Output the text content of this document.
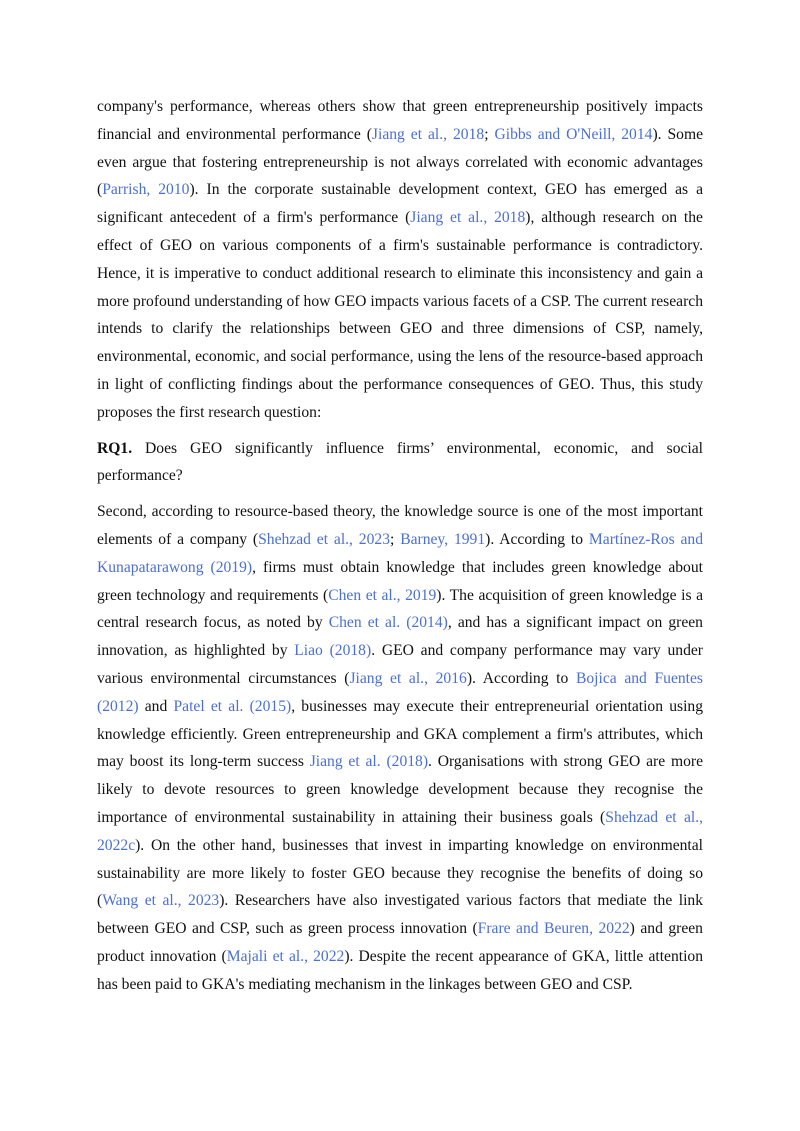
company's performance, whereas others show that green entrepreneurship positively impacts financial and environmental performance (Jiang et al., 2018; Gibbs and O'Neill, 2014). Some even argue that fostering entrepreneurship is not always correlated with economic advantages (Parrish, 2010). In the corporate sustainable development context, GEO has emerged as a significant antecedent of a firm's performance (Jiang et al., 2018), although research on the effect of GEO on various components of a firm's sustainable performance is contradictory. Hence, it is imperative to conduct additional research to eliminate this inconsistency and gain a more profound understanding of how GEO impacts various facets of a CSP. The current research intends to clarify the relationships between GEO and three dimensions of CSP, namely, environmental, economic, and social performance, using the lens of the resource-based approach in light of conflicting findings about the performance consequences of GEO. Thus, this study proposes the first research question:

RQ1. Does GEO significantly influence firms’ environmental, economic, and social performance?

Second, according to resource-based theory, the knowledge source is one of the most important elements of a company (Shehzad et al., 2023; Barney, 1991). According to Martínez-Ros and Kunapatarawong (2019), firms must obtain knowledge that includes green knowledge about green technology and requirements (Chen et al., 2019). The acquisition of green knowledge is a central research focus, as noted by Chen et al. (2014), and has a significant impact on green innovation, as highlighted by Liao (2018). GEO and company performance may vary under various environmental circumstances (Jiang et al., 2016). According to Bojica and Fuentes (2012) and Patel et al. (2015), businesses may execute their entrepreneurial orientation using knowledge efficiently. Green entrepreneurship and GKA complement a firm's attributes, which may boost its long-term success Jiang et al. (2018). Organisations with strong GEO are more likely to devote resources to green knowledge development because they recognise the importance of environmental sustainability in attaining their business goals (Shehzad et al., 2022c). On the other hand, businesses that invest in imparting knowledge on environmental sustainability are more likely to foster GEO because they recognise the benefits of doing so (Wang et al., 2023). Researchers have also investigated various factors that mediate the link between GEO and CSP, such as green process innovation (Frare and Beuren, 2022) and green product innovation (Majali et al., 2022). Despite the recent appearance of GKA, little attention has been paid to GKA's mediating mechanism in the linkages between GEO and CSP.
